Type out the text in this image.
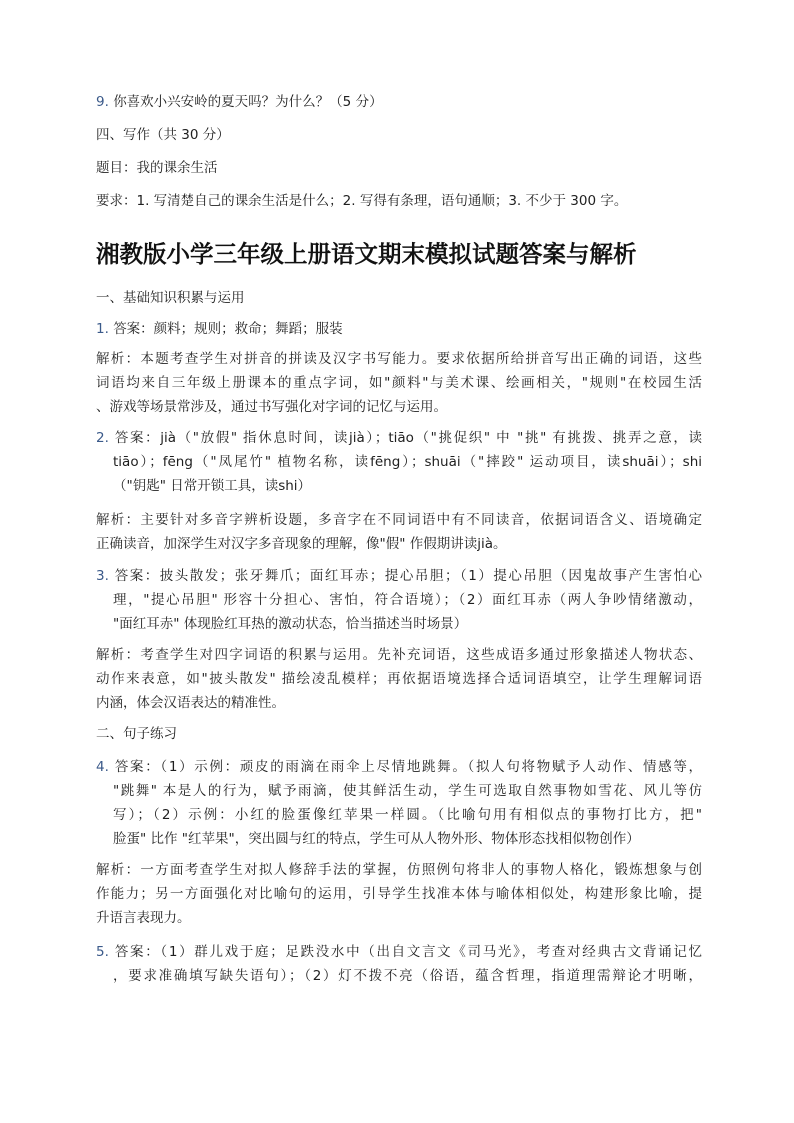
9. 你喜欢小兴安岭的夏天吗？为什么？（5 分）
四、写作（共 30 分）
题目：我的课余生活
要求：1. 写清楚自己的课余生活是什么；2. 写得有条理，语句通顺；3. 不少于 300 字。
湘教版小学三年级上册语文期末模拟试题答案与解析
一、基础知识积累与运用
1. 答案：颜料；规则；救命；舞蹈；服装

解析：本题考查学生对拼音的拼读及汉字书写能力。要求依据所给拼音写出正确的词语，这些

词语均来自三年级上册课本的重点字词，如"颜料"与美术课、绘画相关，"规则"在校园生活

、游戏等场景常涉及，通过书写强化对字词的记忆与运用。

2. 答案：jià（"放假" 指休息时间，读jià）；tiāo（"挑促织" 中 "挑" 有挑拨、挑弄之意，读

tiāo）；fēng（"凤尾竹" 植物名称，读fēng）；shuāi（"摔跤" 运动项目，读shuāi）；shi

（"钥匙" 日常开锁工具，读shi）

解析：主要针对多音字辨析设题，多音字在不同词语中有不同读音，依据词语含义、语境确定

正确读音，加深学生对汉字多音现象的理解，像"假" 作假期讲读jià。

3. 答案：披头散发；张牙舞爪；面红耳赤；提心吊胆；（1）提心吊胆（因鬼故事产生害怕心

理，"提心吊胆" 形容十分担心、害怕，符合语境）；（2）面红耳赤（两人争吵情绪激动，

"面红耳赤" 体现脸红耳热的激动状态，恰当描述当时场景）

解析：考查学生对四字词语的积累与运用。先补充词语，这些成语多通过形象描述人物状态、

动作来表意，如"披头散发" 描绘凌乱模样；再依据语境选择合适词语填空，让学生理解词语

内涵，体会汉语表达的精准性。

二、句子练习

4. 答案：（1）示例：顽皮的雨滴在雨伞上尽情地跳舞。（拟人句将物赋予人动作、情感等，

"跳舞" 本是人的行为，赋予雨滴，使其鲜活生动，学生可选取自然事物如雪花、风儿等仿

写）；（2）示例：小红的脸蛋像红苹果一样圆。（比喻句用有相似点的事物打比方，把"

脸蛋" 比作 "红苹果"，突出圆与红的特点，学生可从人物外形、物体形态找相似物创作）

解析：一方面考查学生对拟人修辞手法的掌握，仿照例句将非人的事物人格化，锻炼想象与创

作能力；另一方面强化对比喻句的运用，引导学生找准本体与喻体相似处，构建形象比喻，提

升语言表现力。

5. 答案：（1）群儿戏于庭；足跌没水中（出自文言文《司马光》，考查对经典古文背诵记忆

，要求准确填写缺失语句）；（2）灯不拨不亮（俗语，蕴含哲理，指道理需辩论才明晰，
